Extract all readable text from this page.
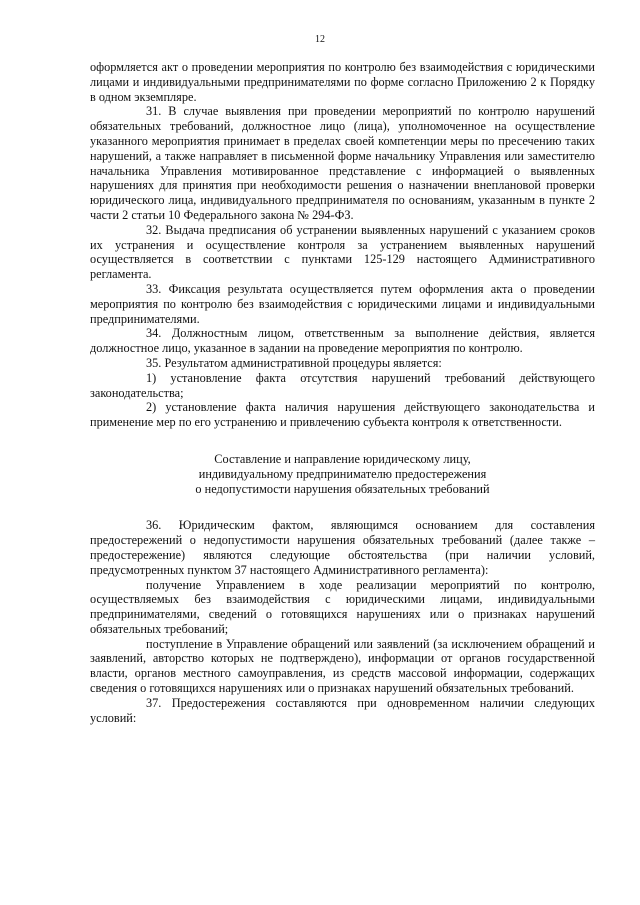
12

оформляется акт о проведении мероприятия по контролю без взаимодействия с юридическими лицами и индивидуальными предпринимателями по форме согласно Приложению 2 к Порядку в одном экземпляре.

31. В случае выявления при проведении мероприятий по контролю нарушений обязательных требований, должностное лицо (лица), уполномоченное на осуществление указанного мероприятия принимает в пределах своей компетенции меры по пресечению таких нарушений, а также направляет в письменной форме начальнику Управления или заместителю начальника Управления мотивированное представление с информацией о выявленных нарушениях для принятия при необходимости решения о назначении внеплановой проверки юридического лица, индивидуального предпринимателя по основаниям, указанным в пункте 2 части 2 статьи 10 Федерального закона № 294-ФЗ.

32. Выдача предписания об устранении выявленных нарушений с указанием сроков их устранения и осуществление контроля за устранением выявленных нарушений осуществляется в соответствии с пунктами 125-129 настоящего Административного регламента.

33. Фиксация результата осуществляется путем оформления акта о проведении мероприятия по контролю без взаимодействия с юридическими лицами и индивидуальными предпринимателями.

34. Должностным лицом, ответственным за выполнение действия, является должностное лицо, указанное в задании на проведение мероприятия по контролю.

35. Результатом административной процедуры является:

1) установление факта отсутствия нарушений требований действующего законодательства;

2) установление факта наличия нарушения действующего законодательства и применение мер по его устранению и привлечению субъекта контроля к ответственности.

Составление и направление юридическому лицу,

индивидуальному предпринимателю предостережения

о недопустимости нарушения обязательных требований

36. Юридическим фактом, являющимся основанием для составления предостережений о недопустимости нарушения обязательных требований (далее также – предостережение) являются следующие обстоятельства (при наличии условий, предусмотренных пунктом 37 настоящего Административного регламента):

получение Управлением в ходе реализации мероприятий по контролю, осуществляемых без взаимодействия с юридическими лицами, индивидуальными предпринимателями, сведений о готовящихся нарушениях или о признаках нарушений обязательных требований;

поступление в Управление обращений или заявлений (за исключением обращений и заявлений, авторство которых не подтверждено), информации от органов государственной власти, органов местного самоуправления, из средств массовой информации, содержащих сведения о готовящихся нарушениях или о признаках нарушений обязательных требований.

37. Предостережения составляются при одновременном наличии следующих условий:
